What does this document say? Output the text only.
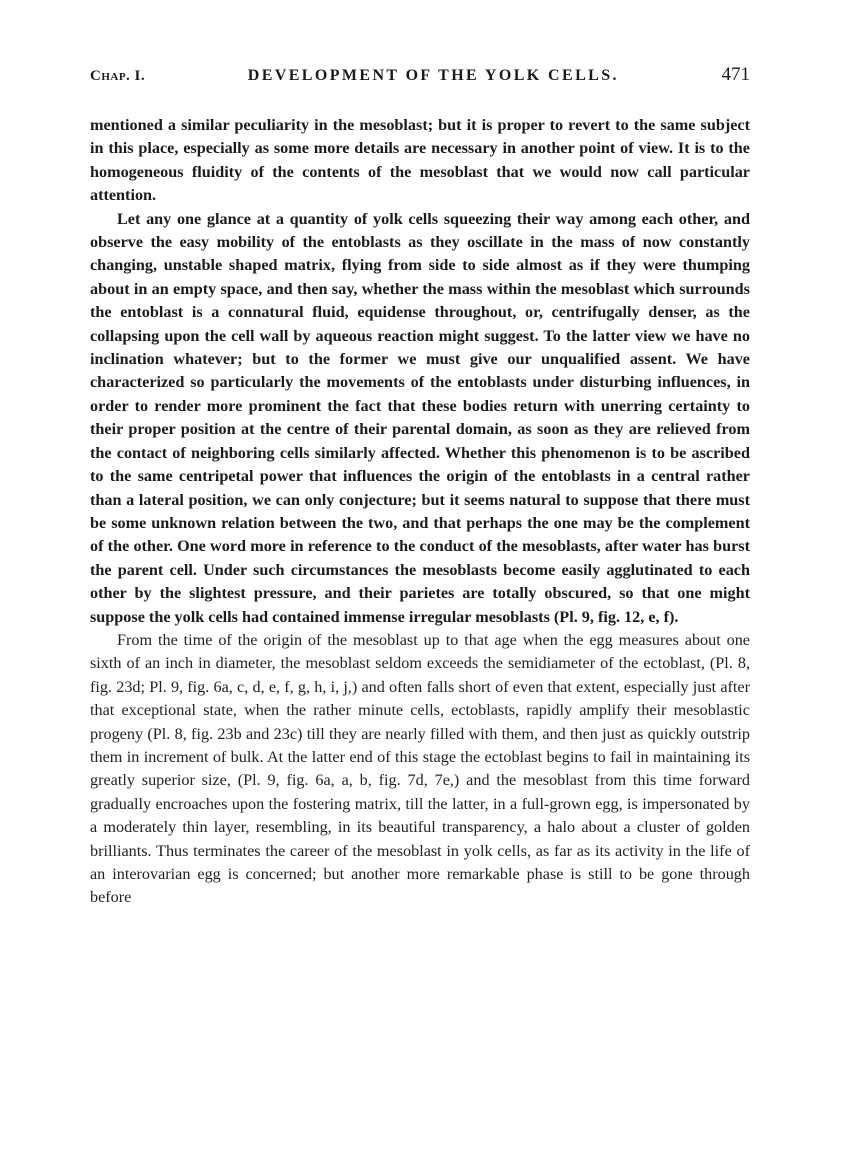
Chap. I.	DEVELOPMENT OF THE YOLK CELLS.	471

mentioned a similar peculiarity in the mesoblast; but it is proper to revert to the same subject in this place, especially as some more details are necessary in another point of view. It is to the homogeneous fluidity of the contents of the mesoblast that we would now call particular attention.

Let any one glance at a quantity of yolk cells squeezing their way among each other, and observe the easy mobility of the entoblasts as they oscillate in the mass of now constantly changing, unstable shaped matrix, flying from side to side almost as if they were thumping about in an empty space, and then say, whether the mass within the mesoblast which surrounds the entoblast is a connatural fluid, equidense throughout, or, centrifugally denser, as the collapsing upon the cell wall by aqueous reaction might suggest. To the latter view we have no inclination whatever; but to the former we must give our unqualified assent. We have characterized so particularly the movements of the entoblasts under disturbing influences, in order to render more prominent the fact that these bodies return with unerring certainty to their proper position at the centre of their parental domain, as soon as they are relieved from the contact of neighboring cells similarly affected. Whether this phenomenon is to be ascribed to the same centripetal power that influences the origin of the entoblasts in a central rather than a lateral position, we can only conjecture; but it seems natural to suppose that there must be some unknown relation between the two, and that perhaps the one may be the complement of the other. One word more in reference to the conduct of the mesoblasts, after water has burst the parent cell. Under such circumstances the mesoblasts become easily agglutinated to each other by the slightest pressure, and their parietes are totally obscured, so that one might suppose the yolk cells had contained immense irregular mesoblasts (Pl. 9, fig. 12, e, f).

From the time of the origin of the mesoblast up to that age when the egg measures about one sixth of an inch in diameter, the mesoblast seldom exceeds the semidiameter of the ectoblast, (Pl. 8, fig. 23d; Pl. 9, fig. 6a, c, d, e, f, g, h, i, j,) and often falls short of even that extent, especially just after that exceptional state, when the rather minute cells, ectoblasts, rapidly amplify their mesoblastic progeny (Pl. 8, fig. 23b and 23c) till they are nearly filled with them, and then just as quickly outstrip them in increment of bulk. At the latter end of this stage the ectoblast begins to fail in maintaining its greatly superior size, (Pl. 9, fig. 6a, a, b, fig. 7d, 7e,) and the mesoblast from this time forward gradually encroaches upon the fostering matrix, till the latter, in a full-grown egg, is impersonated by a moderately thin layer, resembling, in its beautiful transparency, a halo about a cluster of golden brilliants. Thus terminates the career of the mesoblast in yolk cells, as far as its activity in the life of an interovarian egg is concerned; but another more remarkable phase is still to be gone through before
